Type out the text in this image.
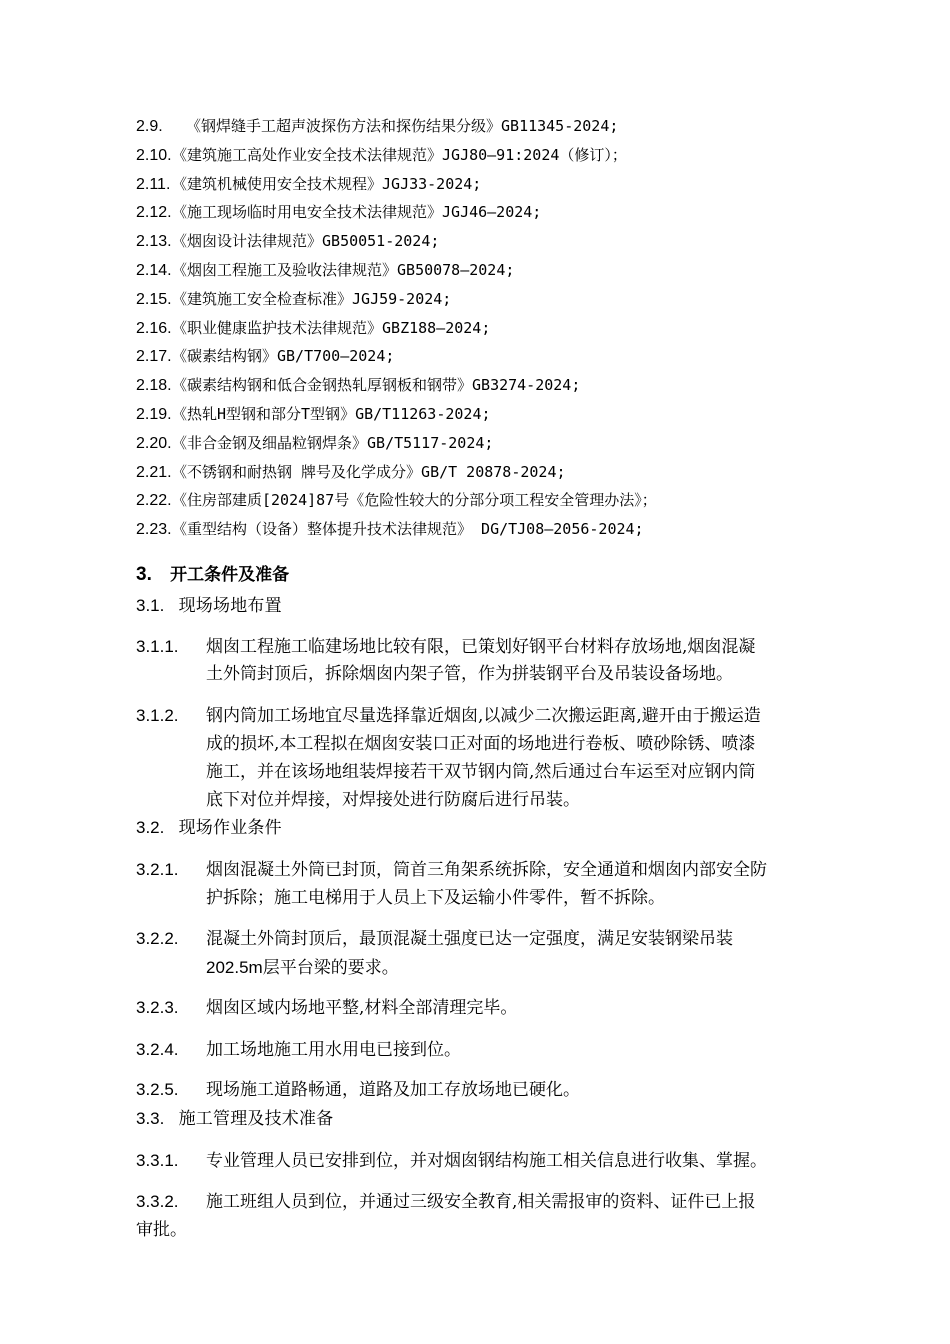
2.9. 《钢焊缝手工超声波探伤方法和探伤结果分级》GB11345-2024;
2.10.《建筑施工高处作业安全技术法律规范》JGJ80—91:2024（修订）；
2.11. 《建筑机械使用安全技术规程》JGJ33-2024;
2.12.《施工现场临时用电安全技术法律规范》JGJ46—2024;
2.13.《烟囱设计法律规范》GB50051-2024;
2.14.《烟囱工程施工及验收法律规范》GB50078—2024;
2.15.《建筑施工安全检查标准》JGJ59-2024;
2.16.《职业健康监护技术法律规范》GBZ188—2024;
2.17.《碳素结构钢》GB/T700—2024;
2.18.《碳素结构钢和低合金钢热轧厚钢板和钢带》GB3274-2024;
2.19.《热轧H型钢和部分T型钢》GB/T11263-2024;
2.20.《非合金钢及细晶粒钢焊条》GB/T5117-2024;
2.21.《不锈钢和耐热钢 牌号及化学成分》GB/T 20878-2024;
2.22.《住房部建质[2024]87号《危险性较大的分部分项工程安全管理办法》；
2.23.《重型结构（设备）整体提升技术法律规范》 DG/TJ08—2056-2024;
3. 开工条件及准备
3.1. 现场场地布置
3.1.1. 烟囱工程施工临建场地比较有限，已策划好钢平台材料存放场地,烟囱混凝
土外筒封顶后，拆除烟囱内架子管，作为拼装钢平台及吊装设备场地。
3.1.2. 钢内筒加工场地宜尽量选择靠近烟囱,以减少二次搬运距离,避开由于搬运造
成的损坏,本工程拟在烟囱安装口正对面的场地进行卷板、喷砂除锈、喷漆
施工，并在该场地组装焊接若干双节钢内筒,然后通过台车运至对应钢内筒
底下对位并焊接，对焊接处进行防腐后进行吊装。
3.2. 现场作业条件
3.2.1. 烟囱混凝土外筒已封顶，筒首三角架系统拆除，安全通道和烟囱内部安全防
护拆除；施工电梯用于人员上下及运输小件零件，暂不拆除。
3.2.2. 混凝土外筒封顶后，最顶混凝土强度已达一定强度，满足安装钢梁吊装
202.5m层平台梁的要求。
3.2.3. 烟囱区域内场地平整,材料全部清理完毕。
3.2.4. 加工场地施工用水用电已接到位。
3.2.5. 现场施工道路畅通，道路及加工存放场地已硬化。
3.3. 施工管理及技术准备
3.3.1. 专业管理人员已安排到位，并对烟囱钢结构施工相关信息进行收集、掌握。
3.3.2. 施工班组人员到位，并通过三级安全教育,相关需报审的资料、证件已上报
审批。
